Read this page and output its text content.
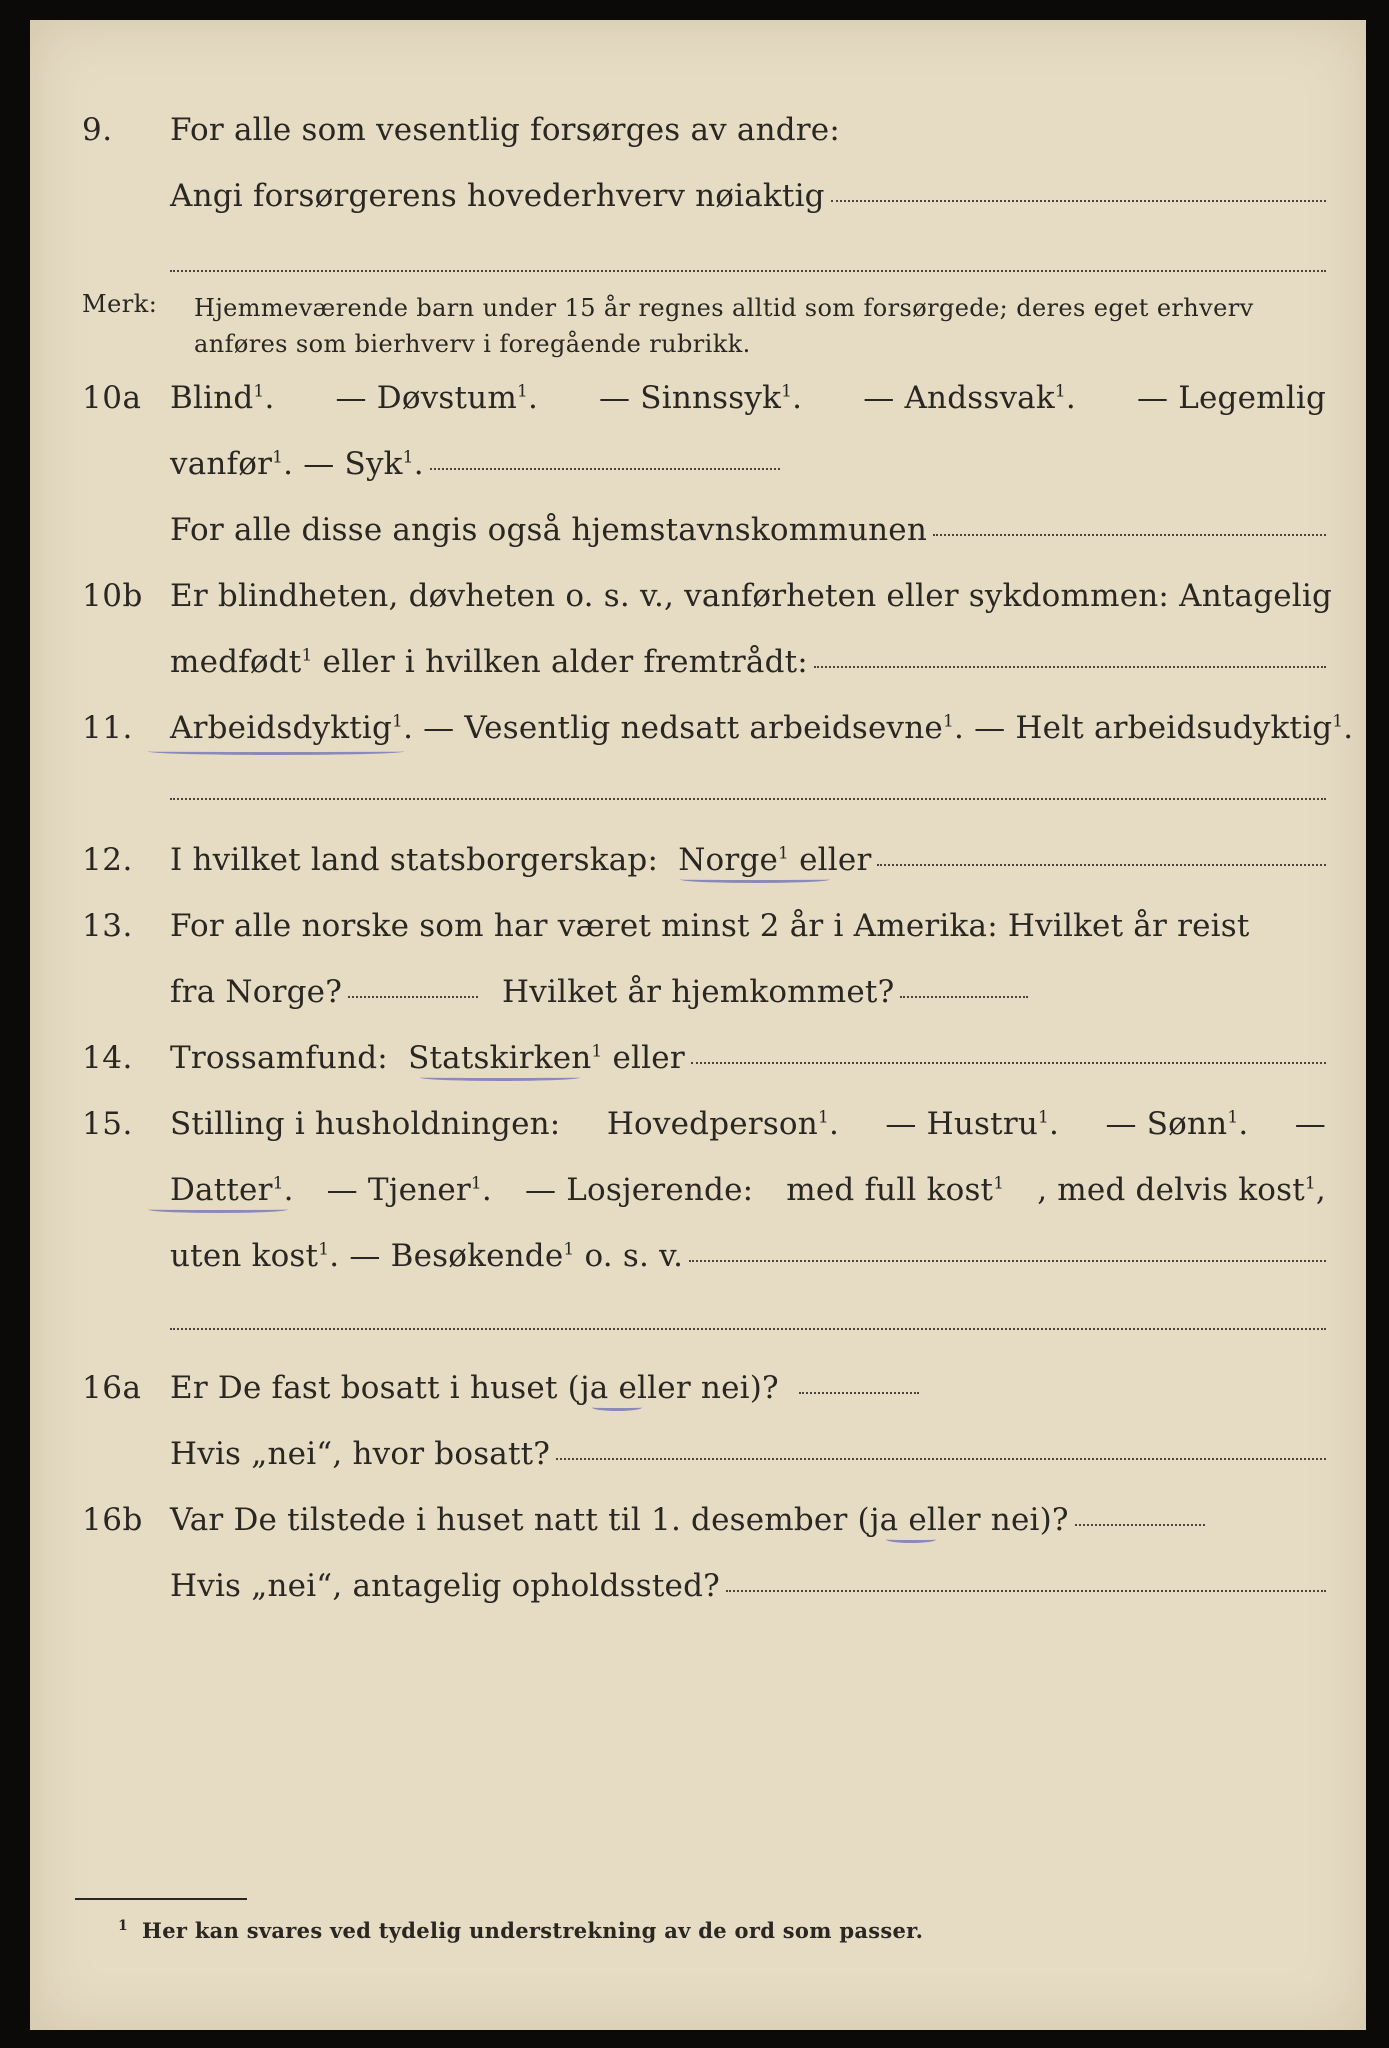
9. For alle som vesentlig forsørges av andre:
Angi forsørgerens hovederhverv nøiaktig
Merk: Hjemmeværende barn under 15 år regnes alltid som forsørgede; deres eget erhverv anføres som bierhverv i foregående rubrikk.
10a Blind$^1$. — Døvstum$^1$. — Sinnssyk$^1$. — Andssvak$^1$. — Legemlig
vanfør$^1$. — Syk$^1$.
For alle disse angis også hjemstavnskommunen
10b Er blindheten, døvheten o. s. v., vanførheten eller sykdommen: Antagelig
medfødt$^1$ eller i hvilken alder fremtrådt:
11. Arbeidsdyktig$^1$. — Vesentlig nedsatt arbeidsevne$^1$. — Helt arbeidsudyktig$^1$.
12. I hvilket land statsborgerskap:
Norge$^1$ eller
13. For alle norske som har været minst 2 år i Amerika: Hvilket år reist
fra Norge?	Hvilket år hjemkommet?
14. Trossamfund:
Statskirken$^1$ eller
15. Stilling i husholdningen: Hovedperson$^1$. — Hustru$^1$. — Sønn$^1$. —
Datter$^1$. — Tjener$^1$. — Losjerende: med full kost$^1$ , med delvis kost$^1$,
uten kost$^1$. — Besøkende$^1$ o. s. v.
16a Er De fast bosatt i huset (ja eller nei)?
Hvis „nei“, hvor bosatt?
16b Var De tilstede i huset natt til 1. desember (ja eller nei)?
Hvis „nei“, antagelig opholdssted?
$^1$ Her kan svares ved tydelig understrekning av de ord som passer.
